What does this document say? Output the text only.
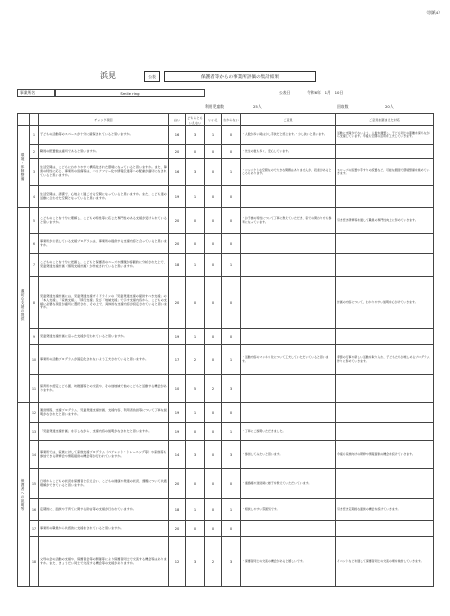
（別紙4）
浜見	公表	保護者等からの事業所評価の集計結果
事業所名	Smile ring	公表日	令和6年　1月　10日
利用児童数	25人	回収数	20人
		チェック項目	はい	どちらともいえない	いいえ	わからない	ご意見	ご意見を踏まえた対応
環境・体制整備	1	子どもの活動等のスペースが十分に確保されていると思いますか。	16	3	1	0	・人数が多い時は少し手狭だと感じます。・少し狭いと思います。	活動に支障がでないよう、人数を調整し、子ども同士の距離を保ちながら支援しています。今後も空間の活用を工夫していきます。
	2	職員の配置数は適切であると思いますか。	20	0	0	0	・先生の数も多く、安心しています。	
	3	生活空間は、こどもにわかりやすく構造化された環境になっていると思いますか。また、障害の特性に応じ、事業所の設備等は、バリアフリー化や情報伝達等への配慮が適切になされていると思いますか。	16	3	0	1	・コンパクトな空間なので大きな問題はありませんが、段差があるところもあります。	スロープの設置や手すりの設置など、可能な範囲で環境整備を進めていきます。
	4	生活空間は、清潔で、心地よく過ごせる空間になっていると思いますか。また、こども達の活動に合わせた空間となっていると思いますか。	19	1	0	0		
適切な支援の提供	5	こどものことを十分に理解し、こどもの特性等に応じた専門性のある支援が受けられていると思いますか。	20	0	0	0	・お子様の特性について丁寧に教えていただき、家での関わり方も参考になっています。	引き続き研修等を通して職員の専門性向上に努めていきます。
	6	事業所が公表している支援プログラムは、事業所の提供する支援内容と合っていると思いますか。	20	0	0	0		
	7	こどものことを十分に把握し、こどもと保護者のニーズや課題が客観的に分析された上で、児童発達支援計画（個別支援計画）が作成されていると思いますか。	18	1	0	1		
	8	児童発達支援計画には、児童発達支援ガイドラインの「児童発達支援の提供すべき支援」の「本人支援」、「家族支援」、「移行支援」及び「地域支援」で示す支援内容から、こどもの支援に必要な項目が適切に選択され、その上で、具体的な支援内容が設定されていると思いますか。	20	0	0	0		計画の内容について、わかりやすい説明を心がけていきます。
	9	児童発達支援計画に沿った支援が行われていると思いますか。	19	1	0	0		
	10	事業所の活動プログラムが固定化されないよう工夫されていると思いますか。	17	2	0	1	・活動内容のマンネリ化について工夫していただいていると思います。	季節の行事や新しい活動を取り入れ、子どもたちが楽しめるプログラム作りに努めていきます。
	11	保育所や認定こども園、幼稚園等との交流や、その他地域で他のこどもと活動する機会がありますか。	10	5	2	3		
保護者への説明等	12	運営規程、支援プログラム、児童発達支援計画、支援内容、利用者負担等について丁寧な説明がなされたと思いますか。	19	1	0	0		
	13	「児童発達支援計画」を示しながら、支援内容の説明がなされたと思いますか。	19	0	0	1	・丁寧にご説明いただきました。	
	14	事業所では、家族に対して家族支援プログラム（ペアレント・トレーニング等）や家族等も参加できる研修会や情報提供の機会等が行われていますか。	14	3	0	3	・参加してみたいと思います。	今後も家族向けの研修や情報提供の機会を設けていきます。
	15	日頃からこどもの状況を保護者と伝え合い、こどもの健康や発達の状況、課題について共通理解ができていると思いますか。	20	0	0	0	・連絡帳や送迎時に様子を教えていただいています。	
	16	定期的に、面談や子育てに関する助言等の支援が行われていますか。	18	1	0	1	・相談しやすい雰囲気です。	引き続き定期的な面談の機会を設けていきます。
	17	事業所の職員から共感的に支援をされていると思いますか。	20	0	0	0		
	18	父母の会の活動の支援や、保護者会等の開催等により保護者同士で交流する機会等はありますか。また、きょうだい同士で交流する機会等の支援がありますか。	12	3	2	3	・保護者同士の交流の機会があると嬉しいです。	イベントなどを通して保護者同士の交流の場を検討していきます。
